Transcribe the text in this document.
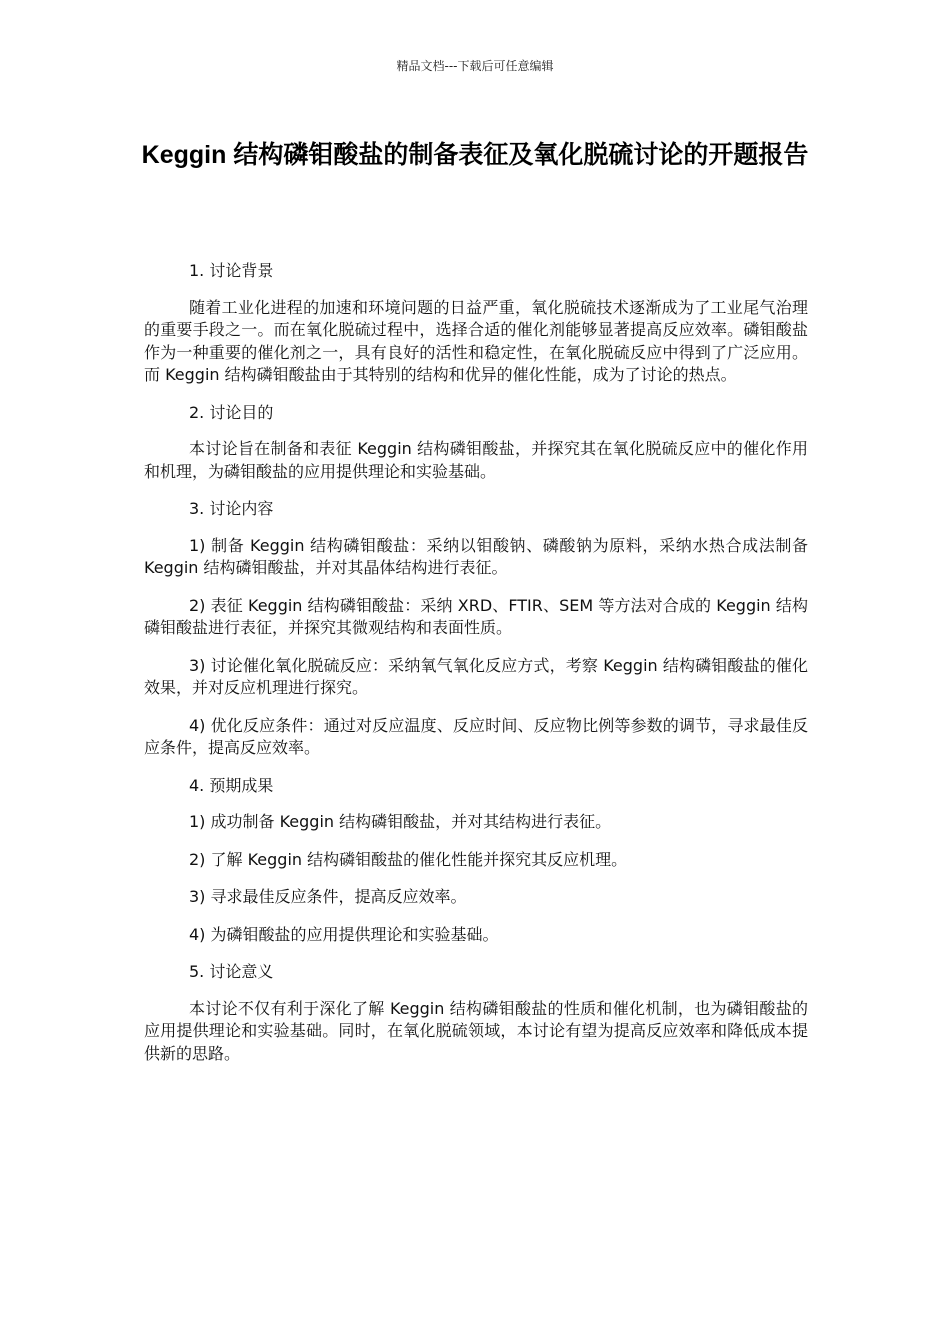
精品文档---下载后可任意编辑
Keggin 结构磷钼酸盐的制备表征及氧化脱硫讨论的开题报告

1. 讨论背景

随着工业化进程的加速和环境问题的日益严重，氧化脱硫技术逐渐成为了工业尾气治理的重要手段之一。而在氧化脱硫过程中，选择合适的催化剂能够显著提高反应效率。磷钼酸盐作为一种重要的催化剂之一，具有良好的活性和稳定性，在氧化脱硫反应中得到了广泛应用。而 Keggin 结构磷钼酸盐由于其特别的结构和优异的催化性能，成为了讨论的热点。

2. 讨论目的

本讨论旨在制备和表征 Keggin 结构磷钼酸盐，并探究其在氧化脱硫反应中的催化作用和机理，为磷钼酸盐的应用提供理论和实验基础。

3. 讨论内容

1) 制备 Keggin 结构磷钼酸盐：采纳以钼酸钠、磷酸钠为原料，采纳水热合成法制备 Keggin 结构磷钼酸盐，并对其晶体结构进行表征。

2) 表征 Keggin 结构磷钼酸盐：采纳 XRD、FTIR、SEM 等方法对合成的 Keggin 结构磷钼酸盐进行表征，并探究其微观结构和表面性质。

3) 讨论催化氧化脱硫反应：采纳氧气氧化反应方式，考察 Keggin 结构磷钼酸盐的催化效果，并对反应机理进行探究。

4) 优化反应条件：通过对反应温度、反应时间、反应物比例等参数的调节，寻求最佳反应条件，提高反应效率。

4. 预期成果

1) 成功制备 Keggin 结构磷钼酸盐，并对其结构进行表征。

2) 了解 Keggin 结构磷钼酸盐的催化性能并探究其反应机理。

3) 寻求最佳反应条件，提高反应效率。

4) 为磷钼酸盐的应用提供理论和实验基础。

5. 讨论意义

本讨论不仅有利于深化了解 Keggin 结构磷钼酸盐的性质和催化机制，也为磷钼酸盐的应用提供理论和实验基础。同时，在氧化脱硫领域，本讨论有望为提高反应效率和降低成本提供新的思路。
